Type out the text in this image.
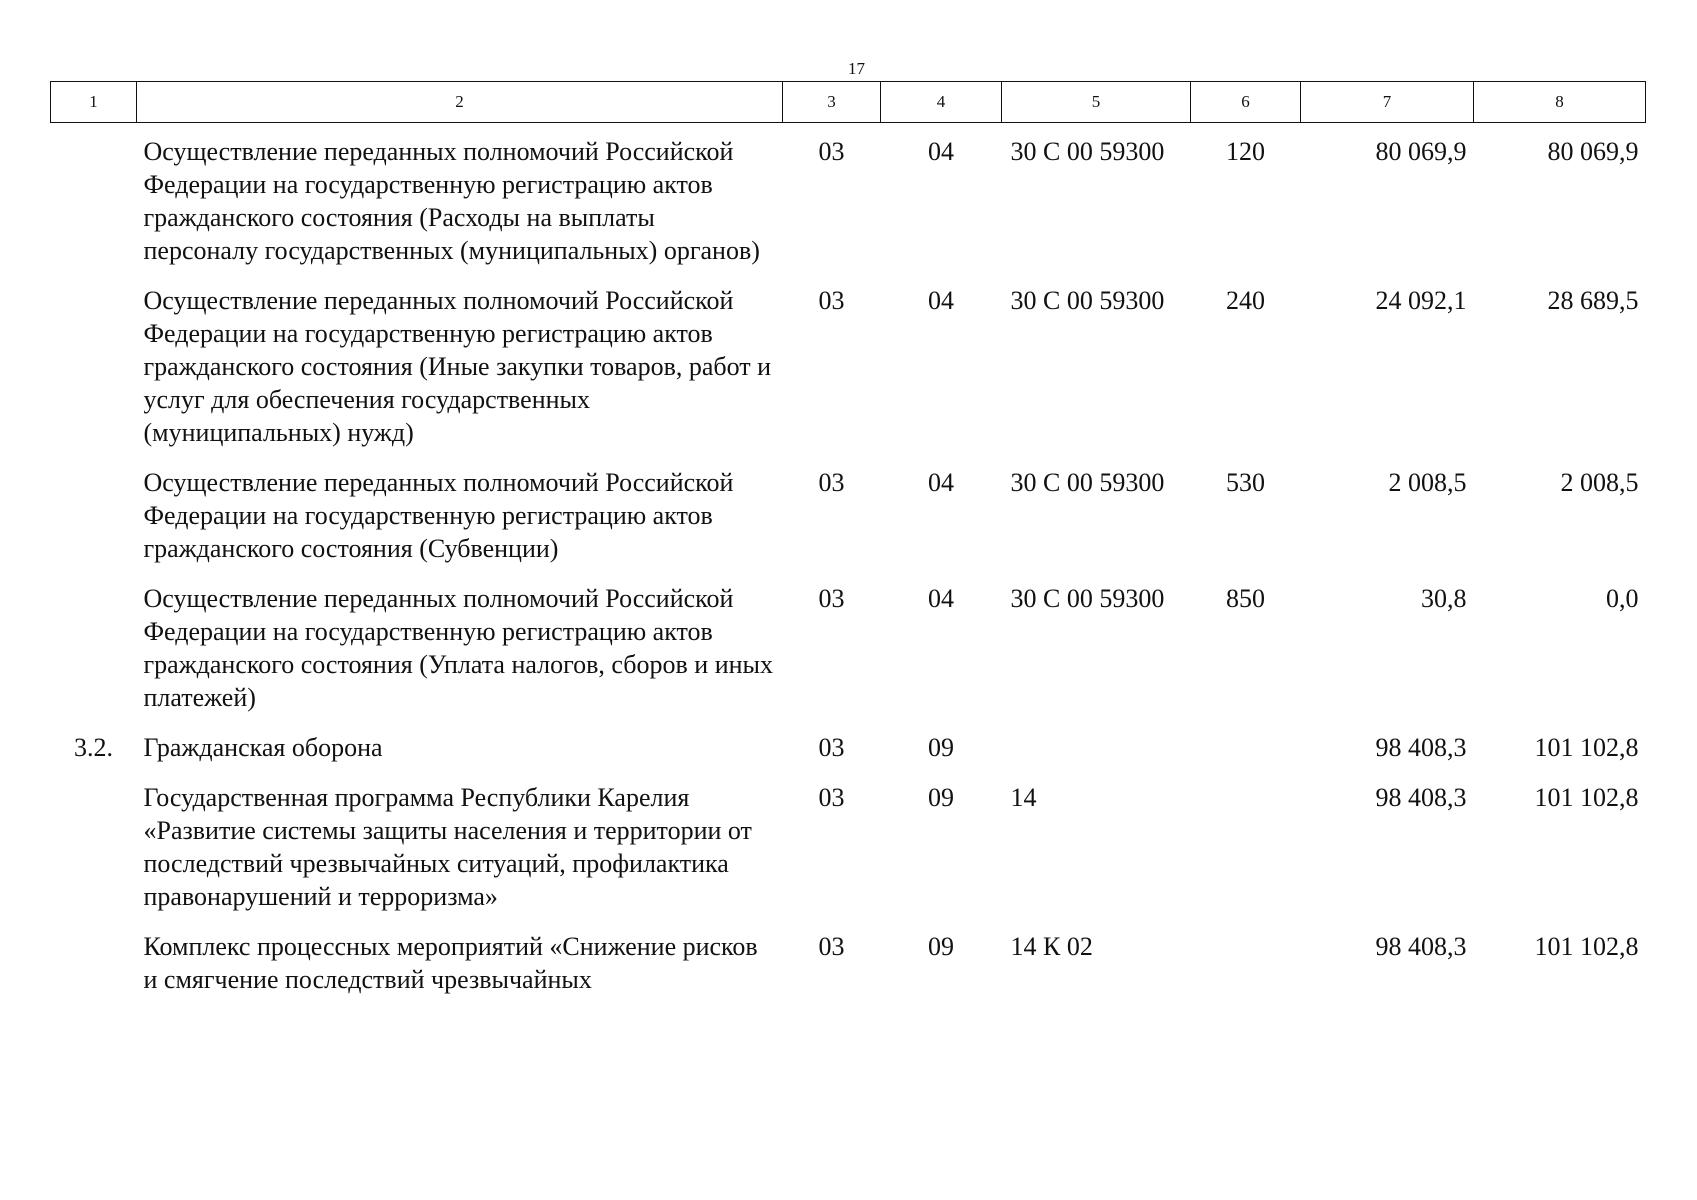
17
1	2	3	4	5	6	7	8
	Осуществление переданных полномочий Российской Федерации на государственную регистрацию актов гражданского состояния (Расходы на выплаты персоналу государственных (муниципальных) органов)	03	04	30 С 00 59300	120	80 069,9	80 069,9
	Осуществление переданных полномочий Российской Федерации на государственную регистрацию актов гражданского состояния (Иные закупки товаров, работ и услуг для обеспечения государственных (муниципальных) нужд)	03	04	30 С 00 59300	240	24 092,1	28 689,5
	Осуществление переданных полномочий Российской Федерации на государственную регистрацию актов гражданского состояния (Субвенции)	03	04	30 С 00 59300	530	2 008,5	2 008,5
	Осуществление переданных полномочий Российской Федерации на государственную регистрацию актов гражданского состояния (Уплата налогов, сборов и иных платежей)	03	04	30 С 00 59300	850	30,8	0,0
3.2.	Гражданская оборона	03	09			98 408,3	101 102,8
	Государственная программа Республики Карелия «Развитие системы защиты населения и территории от последствий чрезвычайных ситуаций, профилактика правонарушений и терроризма»	03	09	14		98 408,3	101 102,8
	Комплекс процессных мероприятий «Снижение рисков и смягчение последствий чрезвычайных	03	09	14 К 02		98 408,3	101 102,8
